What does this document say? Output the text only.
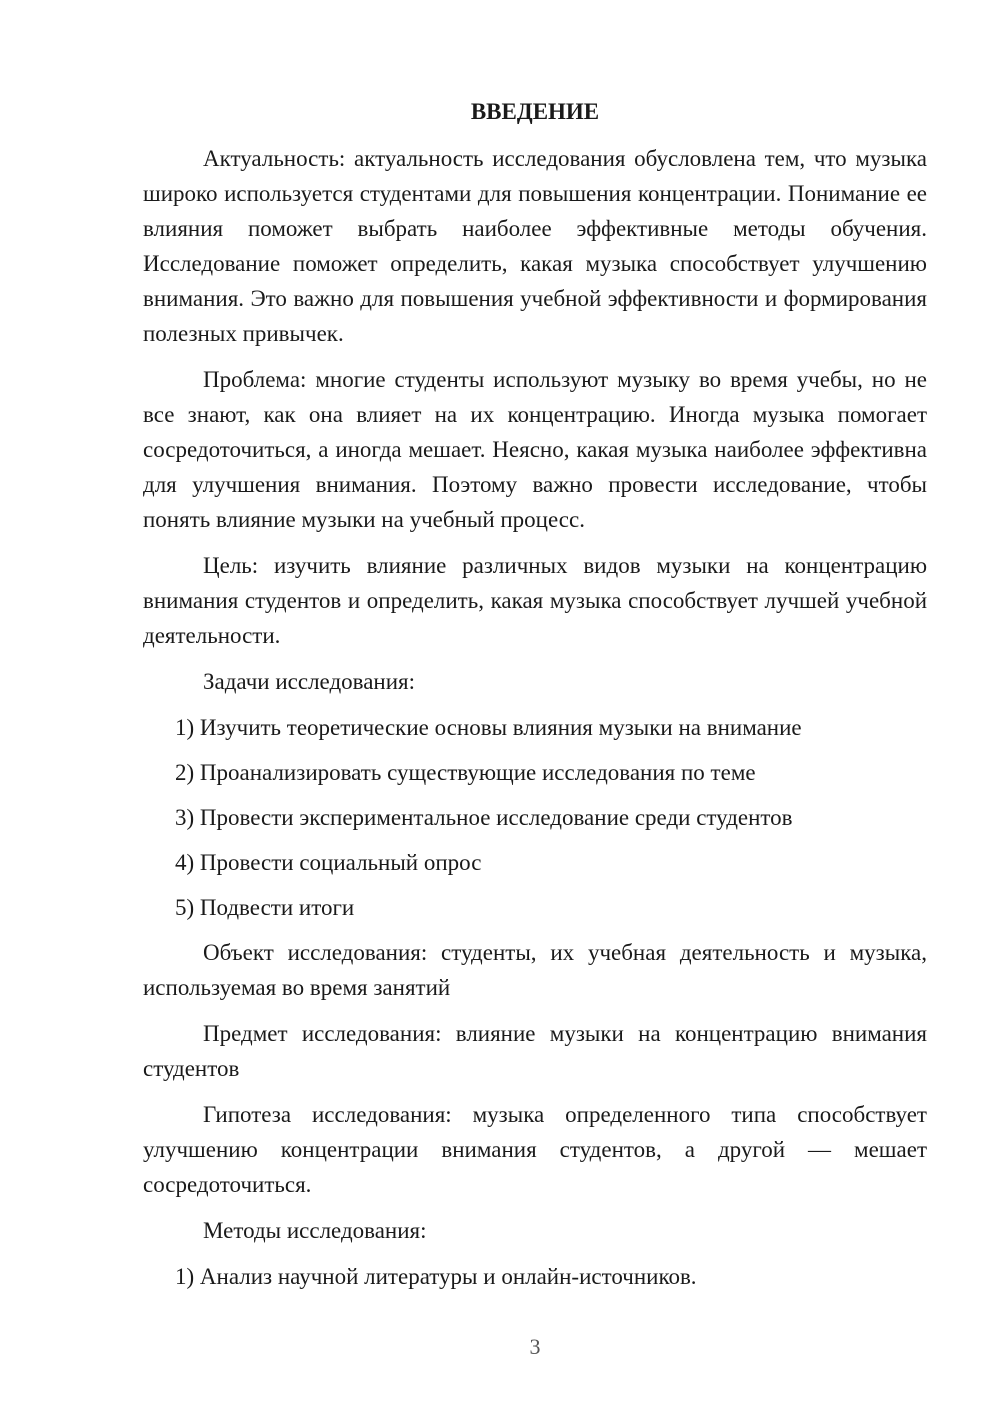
ВВЕДЕНИЕ

Актуальность: актуальность исследования обусловлена тем, что музыка широко используется студентами для повышения концентрации. Понимание ее влияния поможет выбрать наиболее эффективные методы обучения. Исследование поможет определить, какая музыка способствует улучшению внимания. Это важно для повышения учебной эффективности и формирования полезных привычек.

Проблема: многие студенты используют музыку во время учебы, но не все знают, как она влияет на их концентрацию. Иногда музыка помогает сосредоточиться, а иногда мешает. Неясно, какая музыка наиболее эффективна для улучшения внимания. Поэтому важно провести исследование, чтобы понять влияние музыки на учебный процесс.

Цель: изучить влияние различных видов музыки на концентрацию внимания студентов и определить, какая музыка способствует лучшей учебной деятельности.

Задачи исследования:

1) Изучить теоретические основы влияния музыки на внимание
2) Проанализировать существующие исследования по теме
3) Провести экспериментальное исследование среди студентов
4) Провести социальный опрос
5) Подвести итоги

Объект исследования: студенты, их учебная деятельность и музыка, используемая во время занятий

Предмет исследования: влияние музыки на концентрацию внимания студентов

Гипотеза исследования: музыка определенного типа способствует улучшению концентрации внимания студентов, а другой — мешает сосредоточиться.

Методы исследования:

1) Анализ научной литературы и онлайн-источников.
3
